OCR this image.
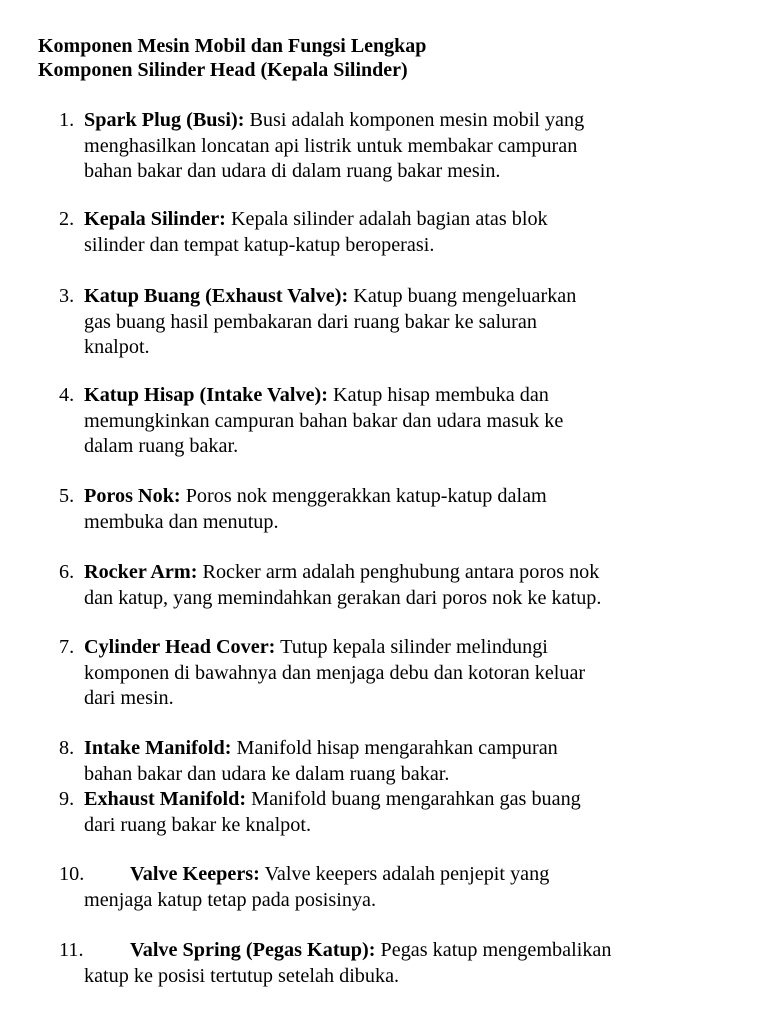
Komponen Mesin Mobil dan Fungsi Lengkap
Komponen Silinder Head (Kepala Silinder)
1. Spark Plug (Busi): Busi adalah komponen mesin mobil yang
menghasilkan loncatan api listrik untuk membakar campuran
bahan bakar dan udara di dalam ruang bakar mesin.
2. Kepala Silinder: Kepala silinder adalah bagian atas blok
silinder dan tempat katup-katup beroperasi.
3. Katup Buang (Exhaust Valve): Katup buang mengeluarkan
gas buang hasil pembakaran dari ruang bakar ke saluran
knalpot.
4. Katup Hisap (Intake Valve): Katup hisap membuka dan
memungkinkan campuran bahan bakar dan udara masuk ke
dalam ruang bakar.
5. Poros Nok: Poros nok menggerakkan katup-katup dalam
membuka dan menutup.
6. Rocker Arm: Rocker arm adalah penghubung antara poros nok
dan katup, yang memindahkan gerakan dari poros nok ke katup.
7. Cylinder Head Cover: Tutup kepala silinder melindungi
komponen di bawahnya dan menjaga debu dan kotoran keluar
dari mesin.
8. Intake Manifold: Manifold hisap mengarahkan campuran
bahan bakar dan udara ke dalam ruang bakar.
9. Exhaust Manifold: Manifold buang mengarahkan gas buang
dari ruang bakar ke knalpot.
10.	Valve Keepers: Valve keepers adalah penjepit yang
menjaga katup tetap pada posisinya.
11.	Valve Spring (Pegas Katup): Pegas katup mengembalikan
katup ke posisi tertutup setelah dibuka.
